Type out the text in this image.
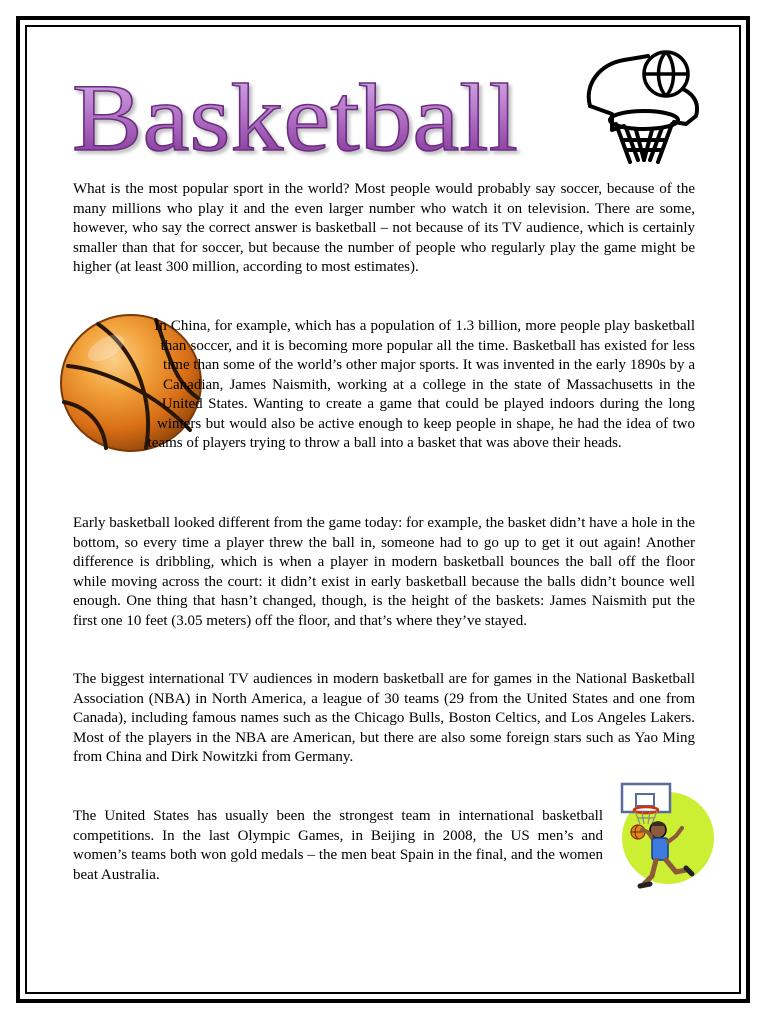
Basketball

What is the most popular sport in the world? Most people would probably say soccer, because of the many millions who play it and the even larger number who watch it on television. There are some, however, who say the correct answer is basketball – not because of its TV audience, which is certainly smaller than that for soccer, but because the number of people who regularly play the game might be higher (at least 300 million, according to most estimates).

In China, for example, which has a population of 1.3 billion, more people play basketball than soccer, and it is becoming more popular all the time. Basketball has existed for less time than some of the world’s other major sports. It was invented in the early 1890s by a Canadian, James Naismith, working at a college in the state of Massachusetts in the United States. Wanting to create a game that could be played indoors during the long winters but would also be active enough to keep people in shape, he had the idea of two teams of players trying to throw a ball into a basket that was above their heads.

Early basketball looked different from the game today: for example, the basket didn’t have a hole in the bottom, so every time a player threw the ball in, someone had to go up to get it out again! Another difference is dribbling, which is when a player in modern basketball bounces the ball off the floor while moving across the court: it didn’t exist in early basketball because the balls didn’t bounce well enough. One thing that hasn’t changed, though, is the height of the baskets: James Naismith put the first one 10 feet (3.05 meters) off the floor, and that’s where they’ve stayed.

The biggest international TV audiences in modern basketball are for games in the National Basketball Association (NBA) in North America, a league of 30 teams (29 from the United States and one from Canada), including famous names such as the Chicago Bulls, Boston Celtics, and Los Angeles Lakers. Most of the players in the NBA are American, but there are also some foreign stars such as Yao Ming from China and Dirk Nowitzki from Germany.

The United States has usually been the strongest team in international basketball competitions. In the last Olympic Games, in Beijing in 2008, the US men’s and women’s teams both won gold medals – the men beat Spain in the final, and the women beat Australia.
